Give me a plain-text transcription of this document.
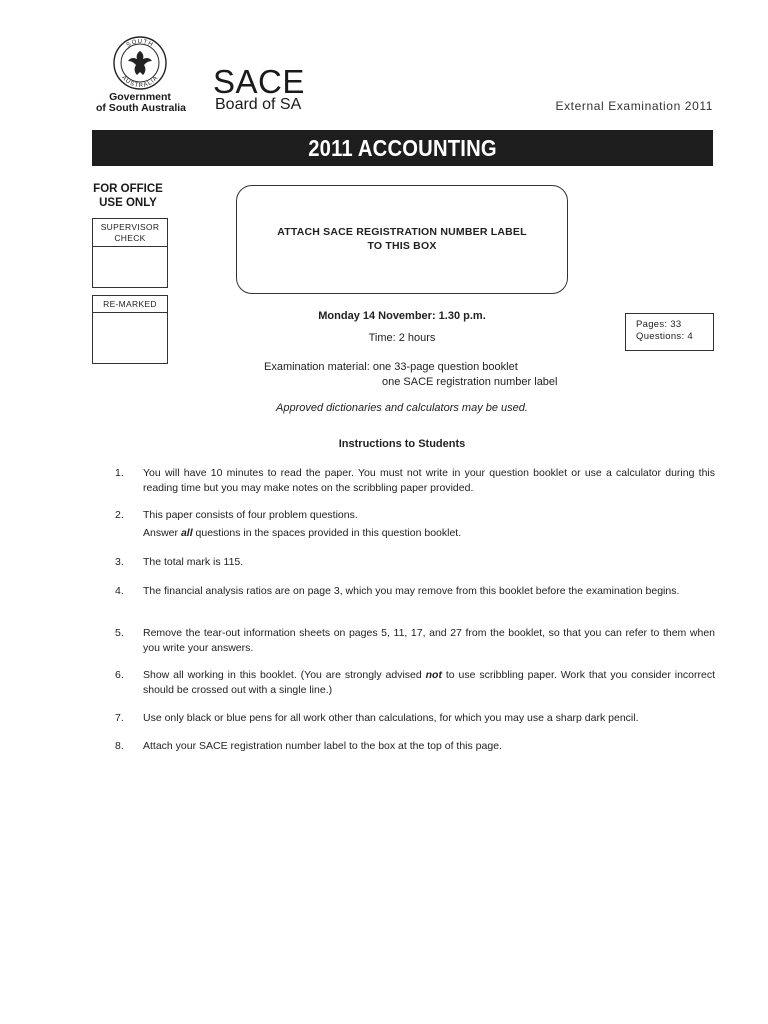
SOUTH
AUSTRALIA
Government
of South Australia
SACE
Board of SA	External Examination 2011
2011 ACCOUNTING
FOR OFFICE
USE ONLY
SUPERVISOR
CHECK
RE-MARKED
ATTACH SACE REGISTRATION NUMBER LABEL
TO THIS BOX
Monday 14 November: 1.30 p.m.
Time: 2 hours
Pages: 33
Questions: 4
Examination material: one 33-page question booklet
one SACE registration number label
Approved dictionaries and calculators may be used.
Instructions to Students
1.	You will have 10 minutes to read the paper. You must not write in your question booklet or use a calculator during this reading time but you may make notes on the scribbling paper provided.
2.	This paper consists of four problem questions.
Answer all questions in the spaces provided in this question booklet.
3.	The total mark is 115.
4.	The financial analysis ratios are on page 3, which you may remove from this booklet before the examination begins.
5.	Remove the tear-out information sheets on pages 5, 11, 17, and 27 from the booklet, so that you can refer to them when you write your answers.
6.	Show all working in this booklet. (You are strongly advised not to use scribbling paper. Work that you consider incorrect should be crossed out with a single line.)
7.	Use only black or blue pens for all work other than calculations, for which you may use a sharp dark pencil.
8.	Attach your SACE registration number label to the box at the top of this page.
